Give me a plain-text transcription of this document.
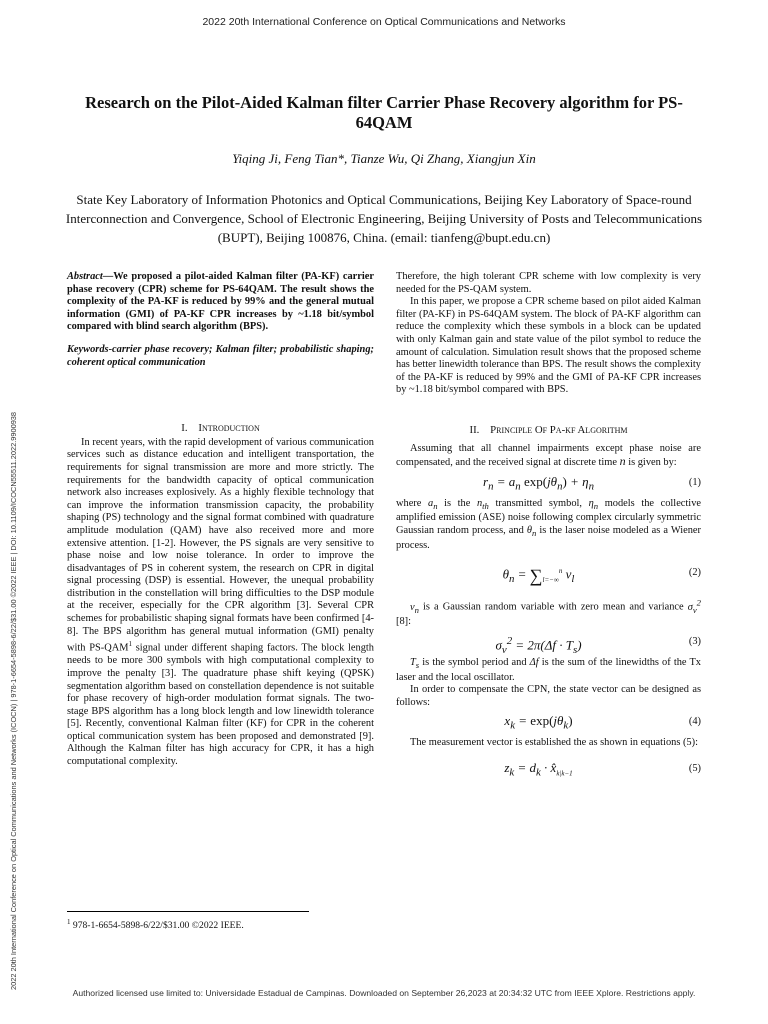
2022 20th International Conference on Optical Communications and Networks
2022 20th International Conference on Optical Communications and Networks (ICOCN) | 978-1-6654-5898-6/22/$31.00 ©2022 IEEE | DOI: 10.1109/ICOCN55511.2022.9900938
Research on the Pilot-Aided Kalman filter Carrier Phase Recovery algorithm for PS-64QAM
Yiqing Ji, Feng Tian*, Tianze Wu, Qi Zhang, Xiangjun Xin
State Key Laboratory of Information Photonics and Optical Communications, Beijing Key Laboratory of Space-round Interconnection and Convergence, School of Electronic Engineering, Beijing University of Posts and Telecommunications (BUPT), Beijing 100876, China. (email: tianfeng@bupt.edu.cn)

Abstract—We proposed a pilot-aided Kalman filter (PA-KF) carrier phase recovery (CPR) scheme for PS-64QAM. The result shows the complexity of the PA-KF is reduced by 99% and the general mutual information (GMI) of PA-KF CPR increases by ~1.18 bit/symbol compared with blind search algorithm (BPS).

Keywords-carrier phase recovery; Kalman filter; probabilistic shaping; coherent optical communication

I. Introduction

In recent years, with the rapid development of various communication services such as distance education and intelligent transportation, the requirements for signal transmission are more and more strictly. The requirements for the bandwidth capacity of optical communication network also increases explosively. As a highly flexible technology that can improve the information transmission capacity, the probability shaping (PS) technology and the signal format combined with quadrature amplitude modulation (QAM) have also received more and more extensive attention. [1-2]. However, the PS signals are very sensitive to phase noise and low noise tolerance. In order to improve the disadvantages of PS in coherent system, the research on CPR in digital signal processing (DSP) is essential. However, the unequal probability distribution in the constellation will bring difficulties to the DSP module at the receiver, especially for the CPR algorithm [3]. Several CPR schemes for probabilistic shaping signal formats have been confirmed [4-8]. The BPS algorithm has general mutual information (GMI) penalty with PS-QAM$^1$ signal under different shaping factors. The block length needs to be more 300 symbols with high computational complexity to improve the penalty [3]. The quadrature phase shift keying (QPSK) segmentation algorithm based on constellation dependence is not suitable for phase recovery of high-order modulation format signals. The two-stage BPS algorithm has a long block length and low linewidth tolerance [5]. Recently, conventional Kalman filter (KF) for CPR in the coherent optical communication system has been proposed and demonstrated [9]. Although the Kalman filter has high accuracy for CPR, it has a high computational complexity.

Therefore, the high tolerant CPR scheme with low complexity is very needed for the PS-QAM system.

In this paper, we propose a CPR scheme based on pilot aided Kalman filter (PA-KF) in PS-64QAM system. The block of PA-KF algorithm can reduce the complexity which these symbols in a block can be updated with only Kalman gain and state value of the pilot symbol to reduce the amount of calculation. Simulation result shows that the proposed scheme has better linewidth tolerance than BPS. The result shows the complexity of the PA-KF is reduced by 99% and the GMI of PA-KF CPR increases by ~1.18 bit/symbol compared with BPS.

II. Principle Of Pa-kf Algorithm

Assuming that all channel impairments except phase noise are compensated, and the received signal at discrete time n is given by:

$r_n = a_n$ $\exp(j\theta_n) + \eta_n$	(1)

where $a_n$ is the $n_{th}$ transmitted symbol, $\eta_n$ models the collective amplified emission (ASE) noise following complex circularly symmetric Gaussian random process, and $\theta_n$ is the laser noise modeled as a Wiener process.

$\theta_n = \sum_{l=-\infty}^n$ $v_l$
(2)

$v_n$ is a Gaussian random variable with zero mean and variance $\sigma_v^2$ [8]:

$\sigma_v^2 = 2\pi(\Delta f \cdot T_s)$	(3)

$T_s$ is the symbol period and Δf is the sum of the linewidths of the Tx laser and the local oscillator.

In order to compensate the CPN, the state vector can be designed as follows:

$x_k = \exp(j\theta_k)$	(4)

The measurement vector is established the as shown in equations (5):

$z_k = d_k$ · $x̂_{k|k-1}$	(5)
$^1$ 978-1-6654-5898-6/22/$31.00 ©2022 IEEE.
Authorized licensed use limited to: Universidade Estadual de Campinas. Downloaded on September 26,2023 at 20:34:32 UTC from IEEE Xplore. Restrictions apply.
